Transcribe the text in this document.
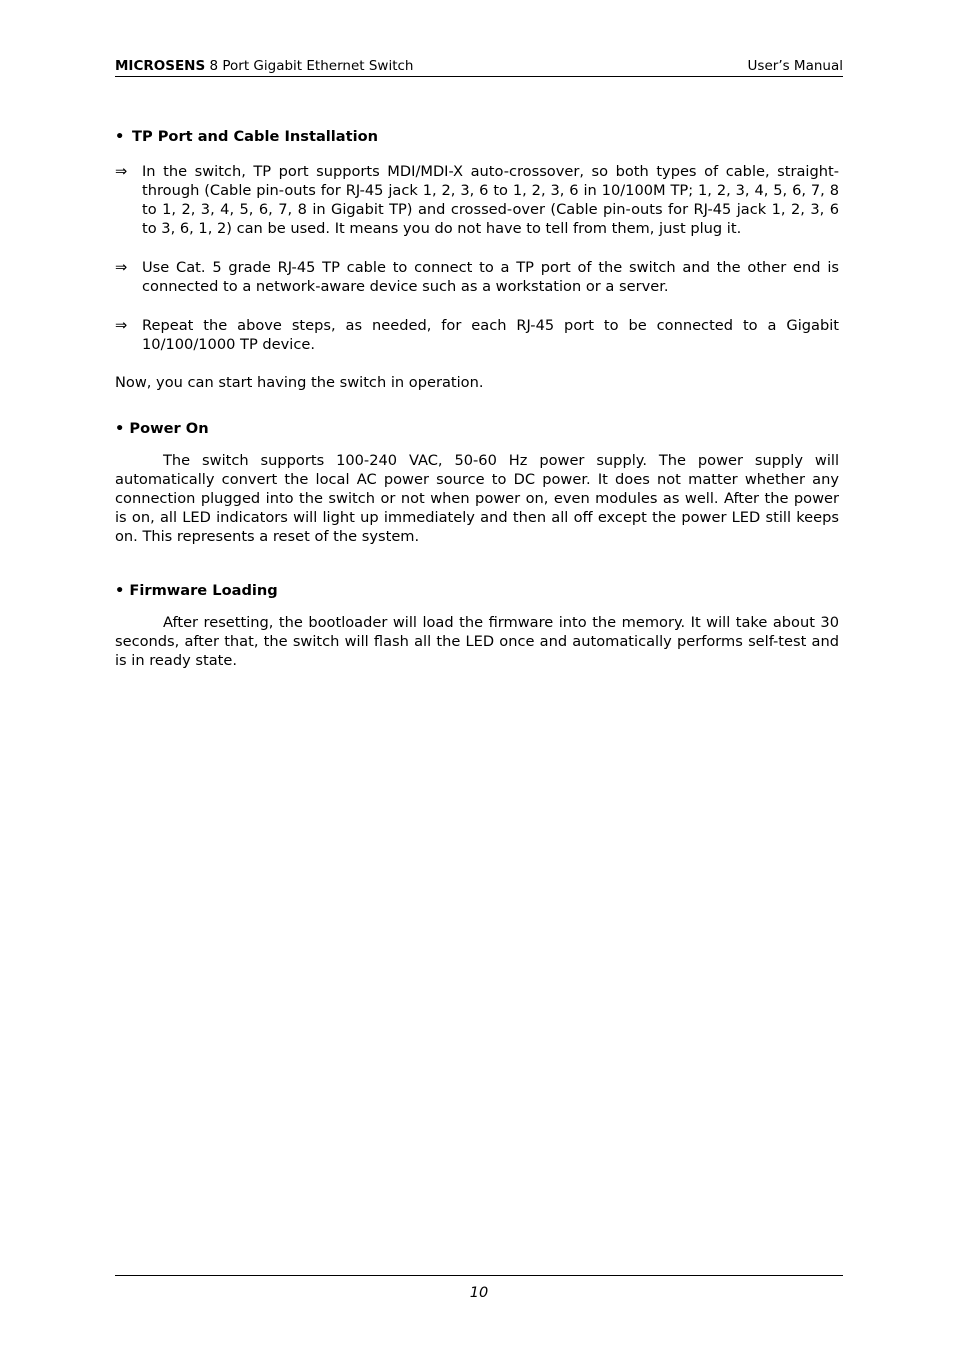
MICROSENS 8 Port Gigabit Ethernet Switch	User’s Manual
• TP Port and Cable Installation
⇒ In the switch, TP port supports MDI/MDI-X auto-crossover, so both types of cable, straight-through (Cable pin-outs for RJ-45 jack 1, 2, 3, 6 to 1, 2, 3, 6 in 10/100M TP; 1, 2, 3, 4, 5, 6, 7, 8 to 1, 2, 3, 4, 5, 6, 7, 8 in Gigabit TP) and crossed-over (Cable pin-outs for RJ-45 jack 1, 2, 3, 6 to 3, 6, 1, 2) can be used. It means you do not have to tell from them, just plug it.
⇒ Use Cat. 5 grade RJ-45 TP cable to connect to a TP port of the switch and the other end is connected to a network-aware device such as a workstation or a server.
⇒ Repeat the above steps, as needed, for each RJ-45 port to be connected to a Gigabit 10/100/1000 TP device.
Now, you can start having the switch in operation.
• Power On
The switch supports 100-240 VAC, 50-60 Hz power supply. The power supply will automatically convert the local AC power source to DC power. It does not matter whether any connection plugged into the switch or not when power on, even modules as well. After the power is on, all LED indicators will light up immediately and then all off except the power LED still keeps on. This represents a reset of the system.
• Firmware Loading
After resetting, the bootloader will load the firmware into the memory. It will take about 30 seconds, after that, the switch will flash all the LED once and automatically performs self-test and is in ready state.
10
